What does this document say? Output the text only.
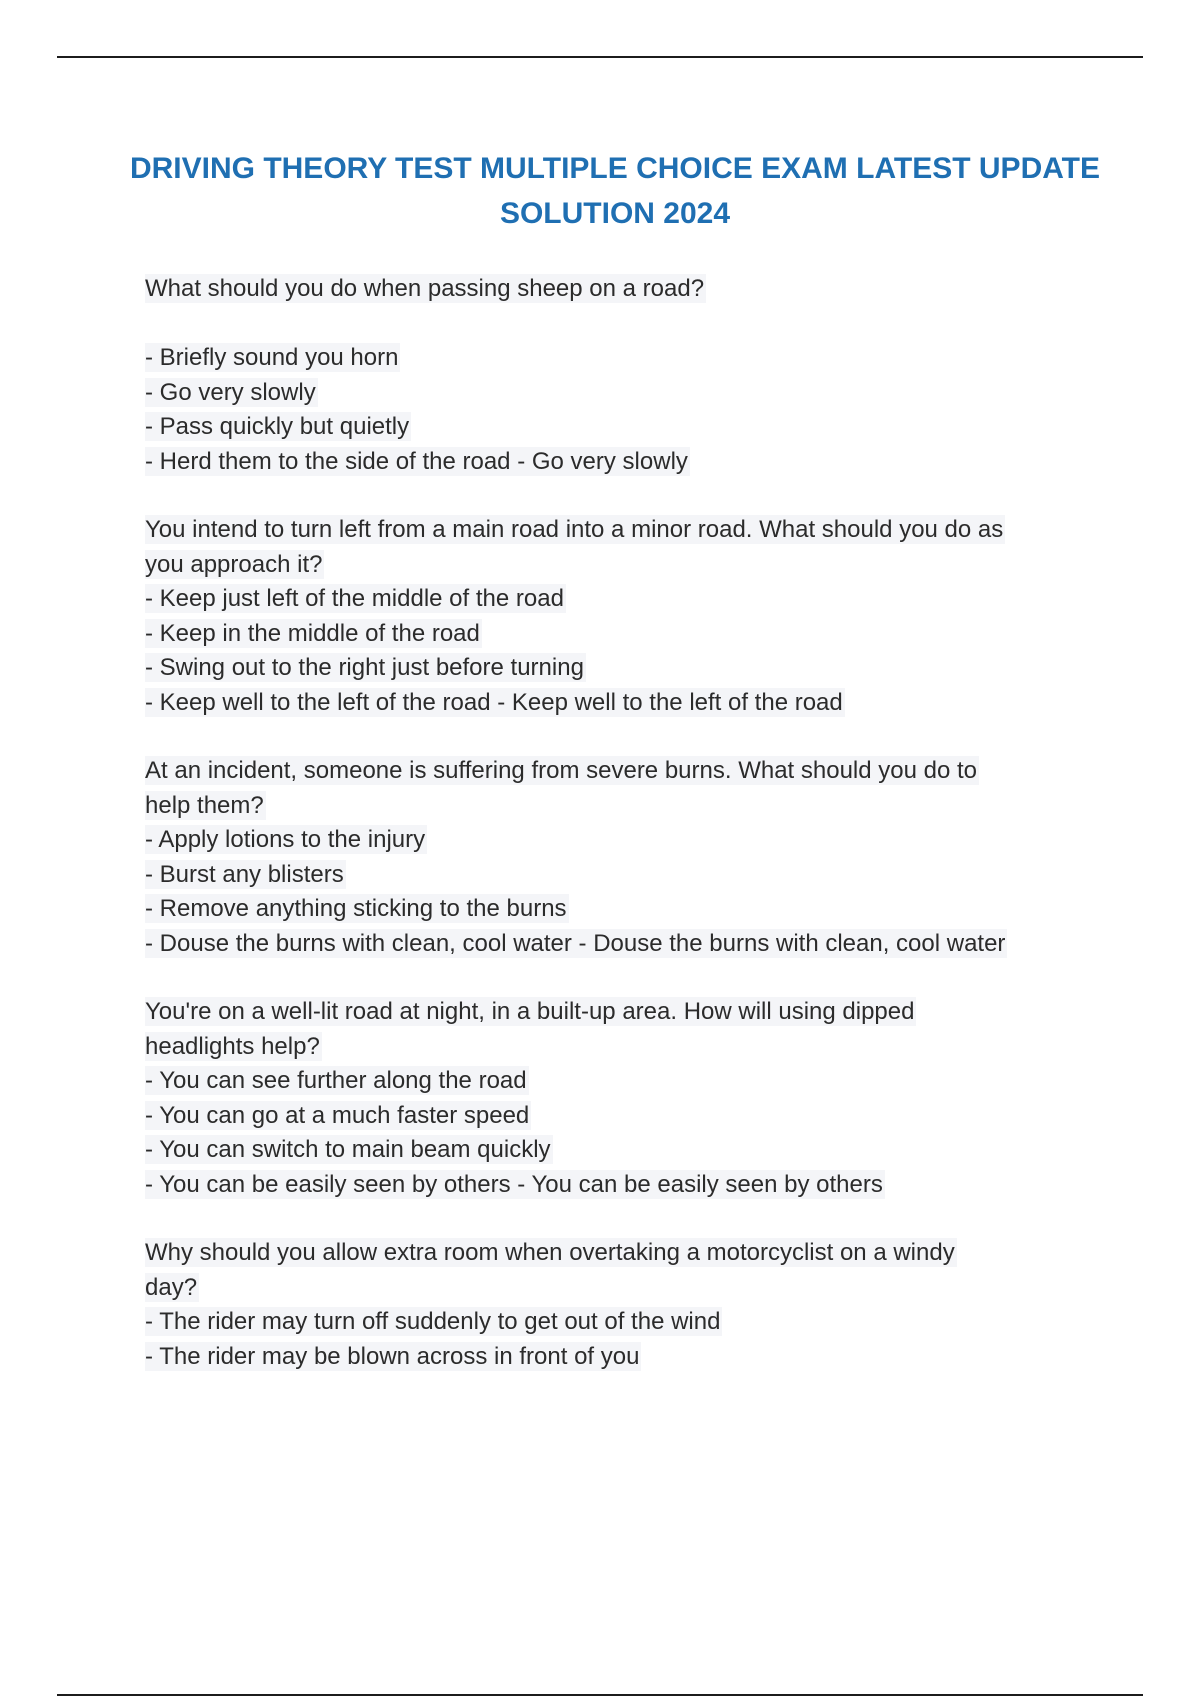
DRIVING THEORY TEST MULTIPLE CHOICE EXAM LATEST UPDATE
SOLUTION 2024
What should you do when passing sheep on a road?
- Briefly sound you horn
- Go very slowly
- Pass quickly but quietly
- Herd them to the side of the road - Go very slowly
You intend to turn left from a main road into a minor road. What should you do as
you approach it?
- Keep just left of the middle of the road
- Keep in the middle of the road
- Swing out to the right just before turning
- Keep well to the left of the road - Keep well to the left of the road
At an incident, someone is suffering from severe burns. What should you do to
help them?
- Apply lotions to the injury
- Burst any blisters
- Remove anything sticking to the burns
- Douse the burns with clean, cool water - Douse the burns with clean, cool water
You're on a well-lit road at night, in a built-up area. How will using dipped
headlights help?
- You can see further along the road
- You can go at a much faster speed
- You can switch to main beam quickly
- You can be easily seen by others - You can be easily seen by others
Why should you allow extra room when overtaking a motorcyclist on a windy
day?
- The rider may turn off suddenly to get out of the wind
- The rider may be blown across in front of you
